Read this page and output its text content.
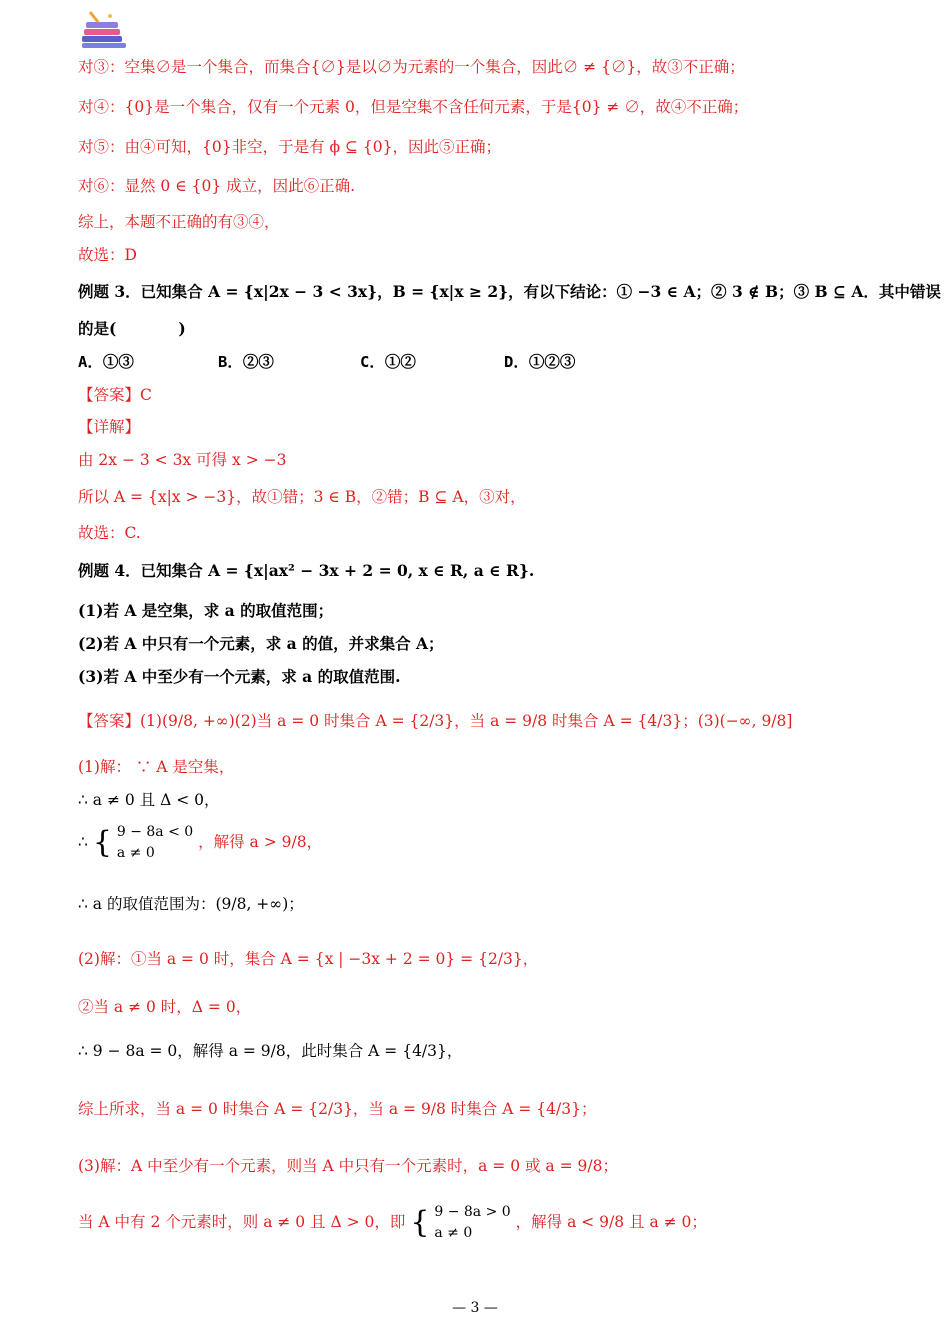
对③：空集∅是一个集合，而集合{∅}是以∅为元素的一个集合，因此∅ ≠ {∅}，故③不正确；
对④：{0}是一个集合，仅有一个元素 0，但是空集不含任何元素，于是{0} ≠ ∅，故④不正确；
对⑤：由④可知，{0}非空，于是有 ϕ ⊆ {0}，因此⑤正确；
对⑥：显然 0 ∈ {0} 成立，因此⑥正确.
综上，本题不正确的有③④，
故选：D
例题 3．已知集合 A = {x|2x − 3 < 3x}，B = {x|x ≥ 2}，有以下结论：① −3 ∈ A；② 3 ∉ B；③ B ⊆ A．其中错误
的是(　　　　)
A．①③	B．②③	C．①②	D．①②③
【答案】C
【详解】
由 2x − 3 < 3x 可得 x > −3
所以 A = {x|x > −3}，故①错；3 ∈ B，②错；B ⊆ A，③对，
故选：C.
例题 4．已知集合 A = {x|ax² − 3x + 2 = 0, x ∈ R, a ∈ R}.
(1)若 A 是空集，求 a 的取值范围；
(2)若 A 中只有一个元素，求 a 的值，并求集合 A；
(3)若 A 中至少有一个元素，求 a 的取值范围.
【答案】(1)(9/8, +∞)(2)当 a = 0 时集合 A = {2/3}，当 a = 9/8 时集合 A = {4/3}；(3)(−∞, 9/8]
(1)解： ∵ A 是空集，
∴ a ≠ 0 且 Δ < 0，
∴ { 9 − 8a < 0
a ≠ 0
，解得 a > 9/8，
∴ a 的取值范围为：(9/8, +∞)；
(2)解：①当 a = 0 时，集合 A = {x | −3x + 2 = 0} = {2/3}，
②当 a ≠ 0 时，Δ = 0，
∴ 9 − 8a = 0，解得 a = 9/8，此时集合 A = {4/3}，
综上所求，当 a = 0 时集合 A = {2/3}，当 a = 9/8 时集合 A = {4/3}；
(3)解：A 中至少有一个元素，则当 A 中只有一个元素时，a = 0 或 a = 9/8；
当 A 中有 2 个元素时，则 a ≠ 0 且 Δ > 0，即 { 9 − 8a > 0
a ≠ 0
，解得 a < 9/8 且 a ≠ 0；
— 3 —
